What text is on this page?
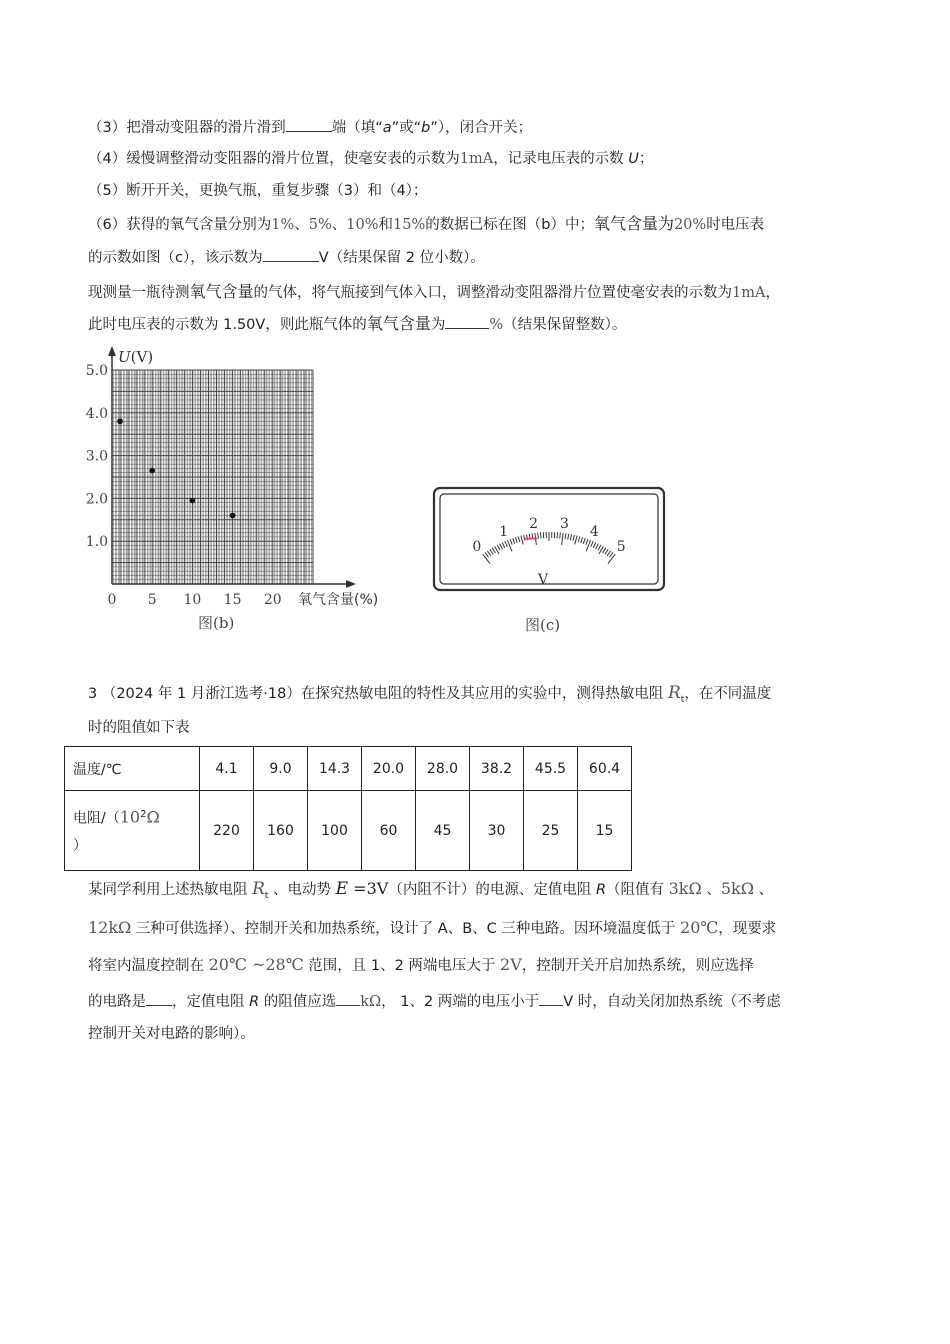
（3）把滑动变阻器的滑片滑到	端（填“a”或“b”），闭合开关；
（4）缓慢调整滑动变阻器的滑片位置，使毫安表的示数为1mA，记录电压表的示数 U；
（5）断开开关，更换气瓶，重复步骤（3）和（4）；
（6）获得的氧气含量分别为1%、5%、10%和15%的数据已标在图（b）中；氧气含量为20%时电压表
的示数如图（c），该示数为	V（结果保留 2 位小数）。
现测量一瓶待测氧气含量的气体，将气瓶接到气体入口，调整滑动变阻器滑片位置使毫安表的示数为1mA，
此时电压表的示数为 1.50V，则此瓶气体的氧气含量为	%（结果保留整数）。
5.0
4.0
3.0
2.0
1.0
0 5 10 15 20
U(V)
氧气含量(%)
图(b)
0
1 2 3 4
5
V
图(c)
3 （2024 年 1 月浙江选考·18）在探究热敏电阻的特性及其应用的实验中，测得热敏电阻 $R_t$，在不同温度
时的阻值如下表
温度/℃	4.1	9.0	14.3	20.0	28.0	38.2	45.5	60.4
电阻$/(10^2\Omega$
）	220	160	100	60	45	30	25	15
某同学利用上述热敏电阻 $R_t$ 、电动势 E =3V（内阻不计）的电源、定值电阻 R（阻值有 3kΩ 、5kΩ 、
12kΩ 三种可供选择）、控制开关和加热系统，设计了 A、B、C 三种电路。因环境温度低于 20℃，现要求
将室内温度控制在 20℃ ~28℃ 范围，且 1、2 两端电压大于 2V，控制开关开启加热系统，则应选择
的电路是 ，定值电阻 R 的阻值应选 kΩ， 1、2 两端的电压小于 V 时，自动关闭加热系统（不考虑
控制开关对电路的影响）。
